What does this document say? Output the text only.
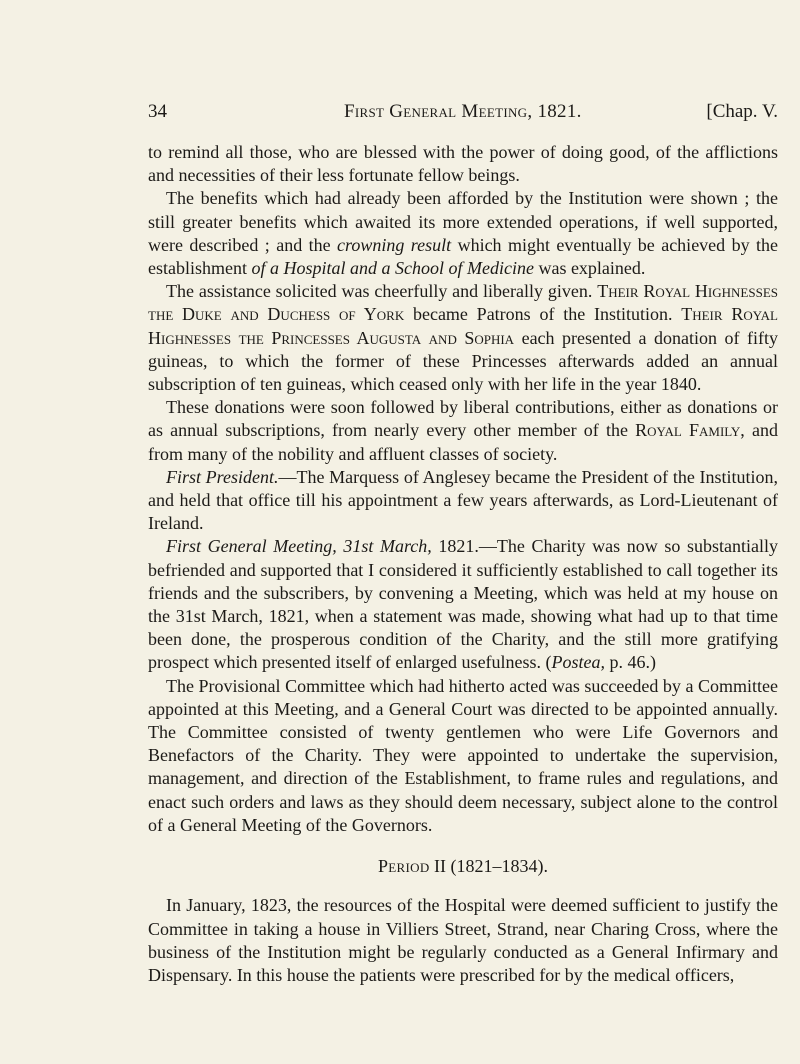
34	First General Meeting, 1821.	[Chap. V.

to remind all those, who are blessed with the power of doing good, of the afflictions and necessities of their less fortunate fellow beings.

The benefits which had already been afforded by the Institution were shown ; the still greater benefits which awaited its more extended operations, if well supported, were described ; and the crowning result which might eventually be achieved by the establishment of a Hospital and a School of Medicine was explained.

The assistance solicited was cheerfully and liberally given. Their Royal Highnesses the Duke and Duchess of York became Patrons of the Institution. Their Royal Highnesses the Princesses Augusta and Sophia each presented a donation of fifty guineas, to which the former of these Princesses afterwards added an annual subscription of ten guineas, which ceased only with her life in the year 1840.

These donations were soon followed by liberal contributions, either as donations or as annual subscriptions, from nearly every other member of the Royal Family, and from many of the nobility and affluent classes of society.

First President.—The Marquess of Anglesey became the President of the Institution, and held that office till his appointment a few years afterwards, as Lord-Lieutenant of Ireland.

First General Meeting, 31st March, 1821.—The Charity was now so substantially befriended and supported that I considered it sufficiently established to call together its friends and the subscribers, by convening a Meeting, which was held at my house on the 31st March, 1821, when a statement was made, showing what had up to that time been done, the prosperous condition of the Charity, and the still more gratifying prospect which presented itself of enlarged usefulness. (Postea, p. 46.)

The Provisional Committee which had hitherto acted was succeeded by a Committee appointed at this Meeting, and a General Court was directed to be appointed annually. The Committee consisted of twenty gentlemen who were Life Governors and Benefactors of the Charity. They were appointed to undertake the supervision, management, and direction of the Establishment, to frame rules and regulations, and enact such orders and laws as they should deem necessary, subject alone to the control of a General Meeting of the Governors.

Period II (1821–1834).

In January, 1823, the resources of the Hospital were deemed sufficient to justify the Committee in taking a house in Villiers Street, Strand, near Charing Cross, where the business of the Institution might be regularly conducted as a General Infirmary and Dispensary. In this house the patients were prescribed for by the medical officers,
